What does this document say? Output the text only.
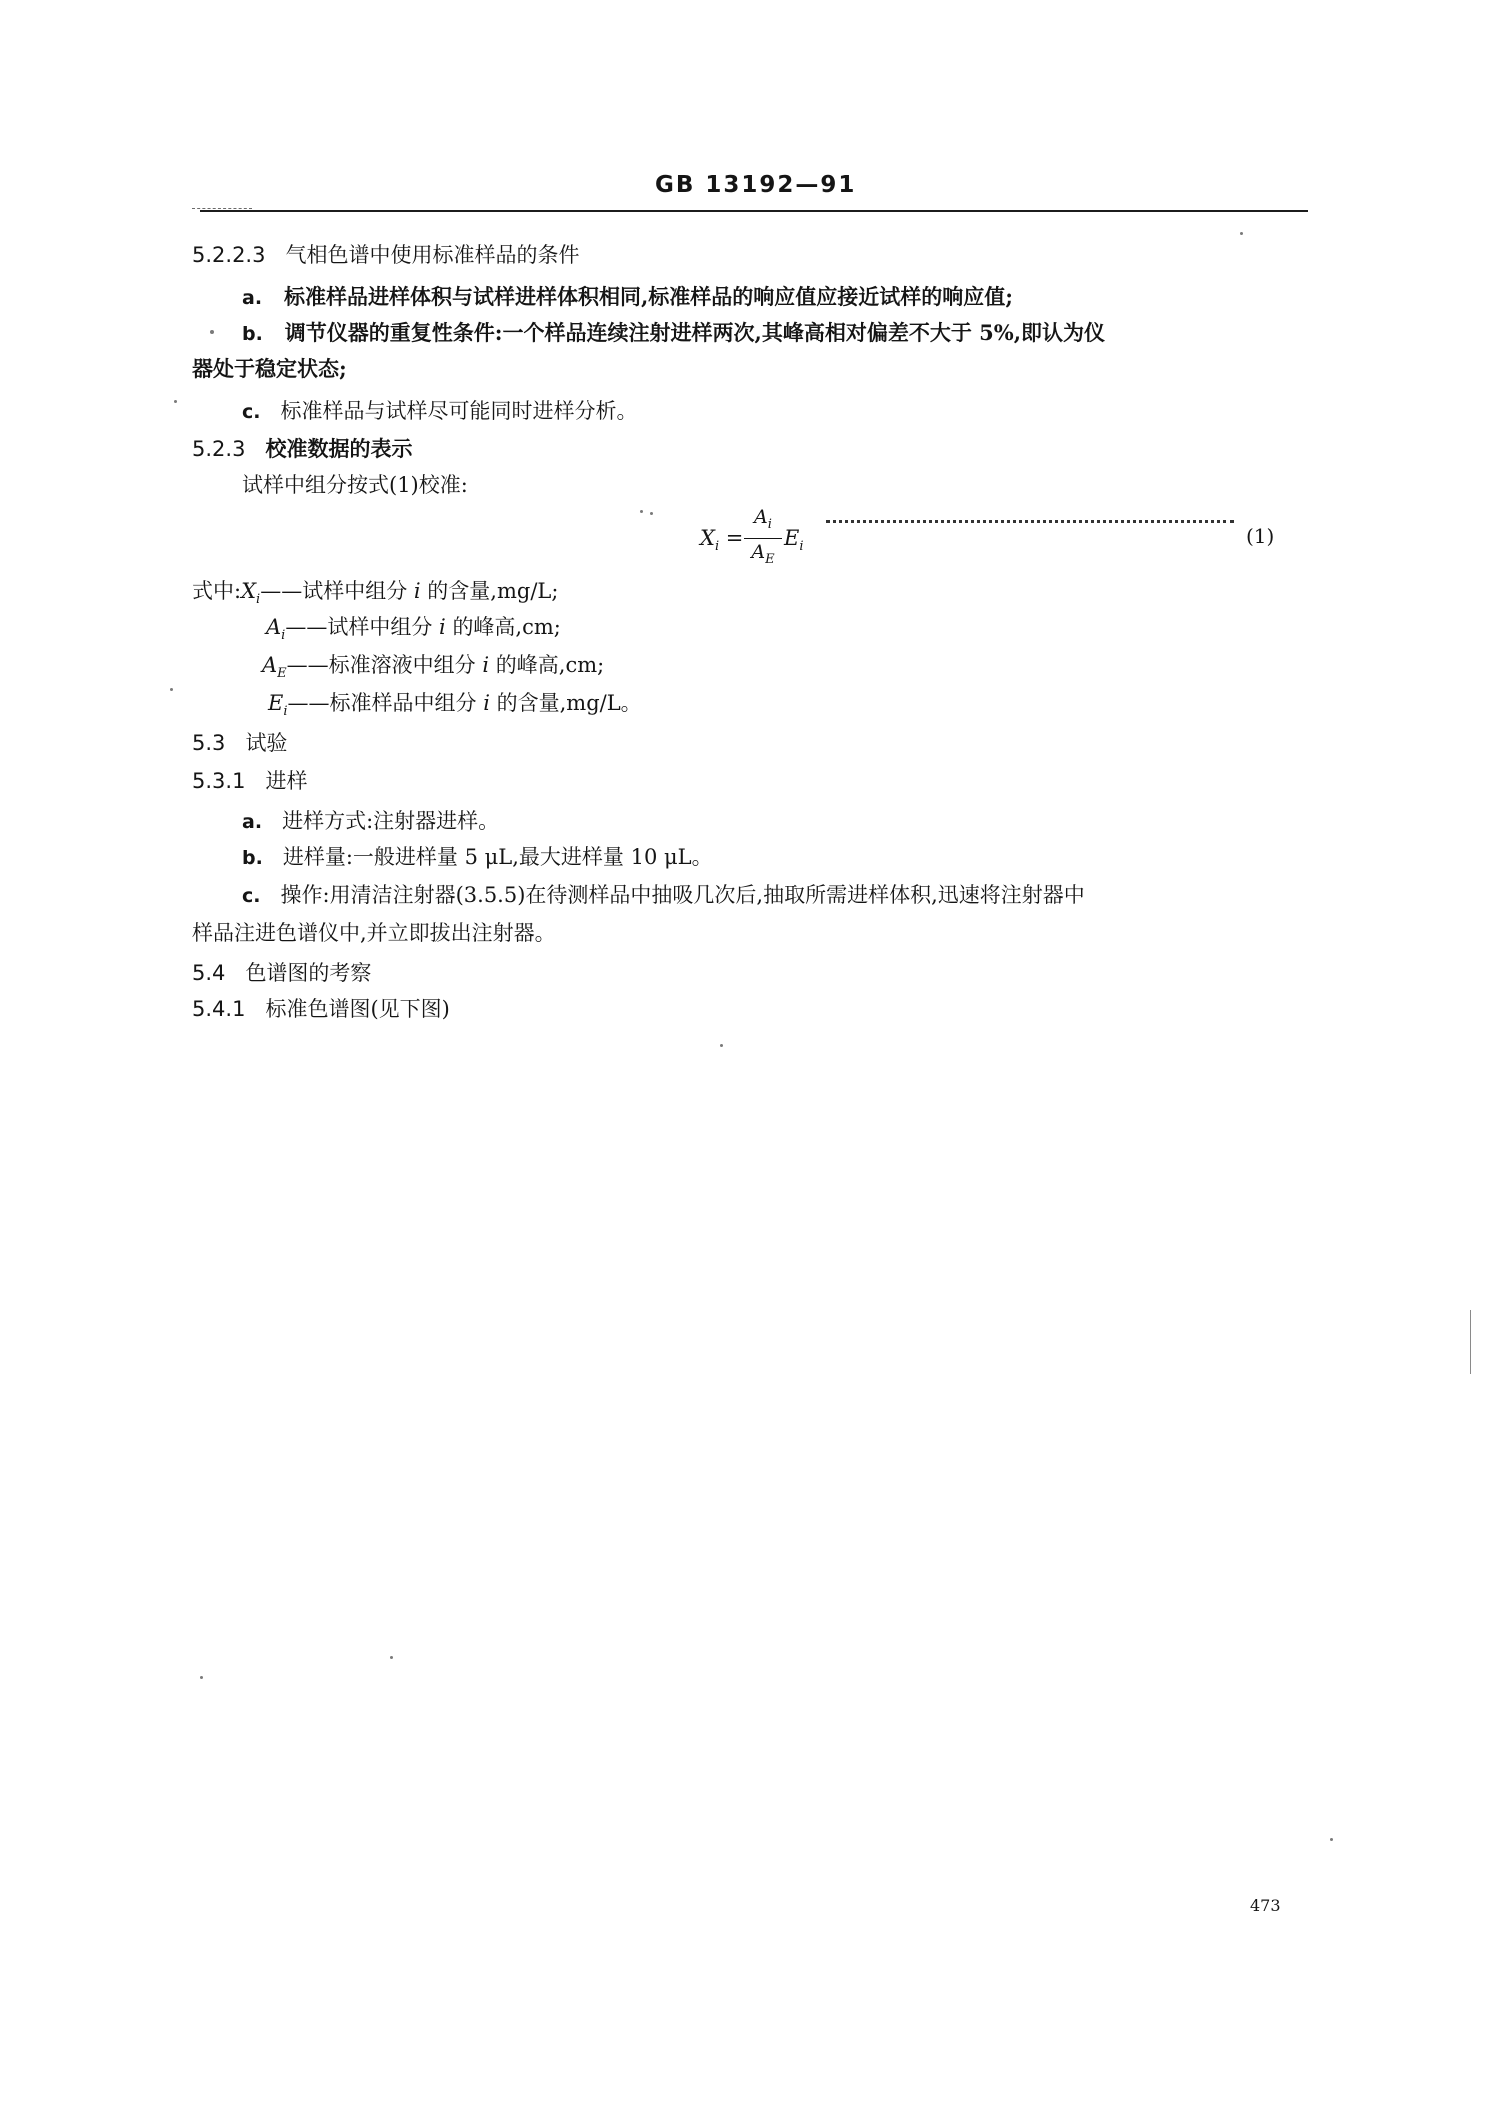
GB 13192—91
5.2.2.3 气相色谱中使用标准样品的条件
a. 标准样品进样体积与试样进样体积相同,标准样品的响应值应接近试样的响应值;
b. 调节仪器的重复性条件:一个样品连续注射进样两次,其峰高相对偏差不大于 5%,即认为仪
器处于稳定状态;
c. 标准样品与试样尽可能同时进样分析。
5.2.3 校准数据的表示
试样中组分按式(1)校准:
$X_i$ =
$A_i$
$A_E$
$E_i$	(1)
式中$:X_i——$试样中组分 i 的含量,mg/L;
$A_i——$试样中组分 i 的峰高,cm;
$A_E——$标准溶液中组分 i 的峰高,cm;
$E_i——$标准样品中组分 i 的含量,mg/L。
5.3 试验
5.3.1 进样
a. 进样方式:注射器进样。
b. 进样量:一般进样量 5 μL,最大进样量 10 μL。
c. 操作:用清洁注射器(3.5.5)在待测样品中抽吸几次后,抽取所需进样体积,迅速将注射器中
样品注进色谱仪中,并立即拔出注射器。
5.4 色谱图的考察
5.4.1 标准色谱图(见下图)
473
